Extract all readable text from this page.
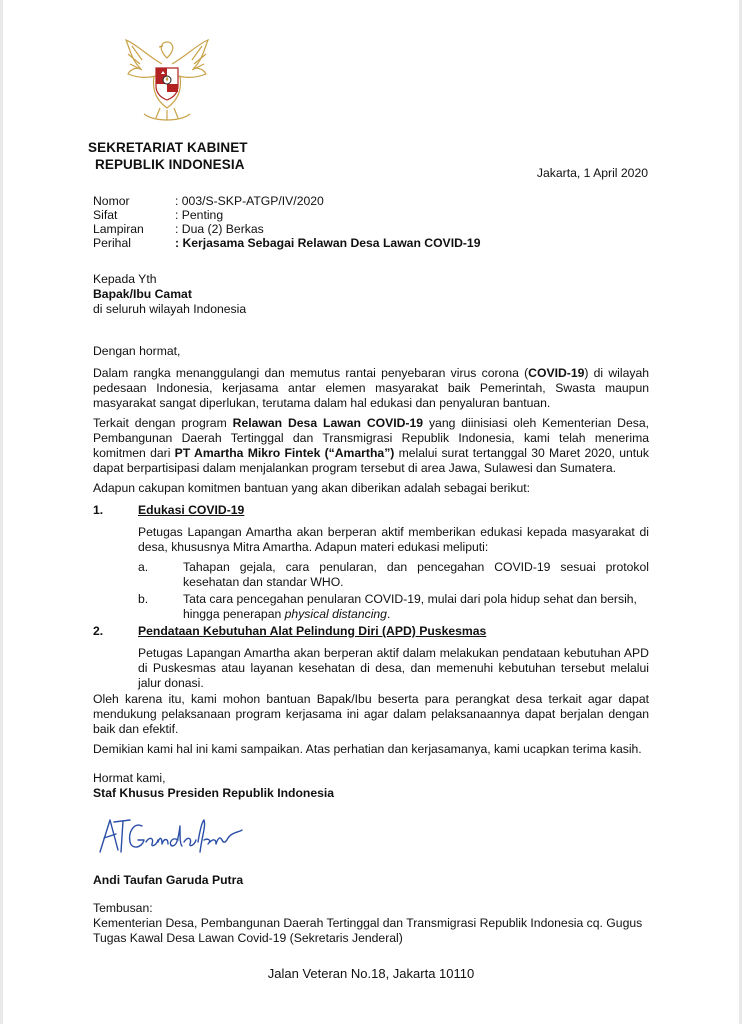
SEKRETARIAT KABINET
REPUBLIK INDONESIA
Jakarta, 1 April 2020
Nomor	: 003/S-SKP-ATGP/IV/2020
Sifat	: Penting
Lampiran	: Dua (2) Berkas
Perihal	: Kerjasama Sebagai Relawan Desa Lawan COVID-19
Kepada Yth
Bapak/Ibu Camat
di seluruh wilayah Indonesia
Dengan hormat,
Dalam rangka menanggulangi dan memutus rantai penyebaran virus corona (COVID-19) di wilayah pedesaan Indonesia, kerjasama antar elemen masyarakat baik Pemerintah, Swasta maupun masyarakat sangat diperlukan, terutama dalam hal edukasi dan penyaluran bantuan.
Terkait dengan program Relawan Desa Lawan COVID-19 yang diinisiasi oleh Kementerian Desa, Pembangunan Daerah Tertinggal dan Transmigrasi Republik Indonesia, kami telah menerima komitmen dari PT Amartha Mikro Fintek (“Amartha”) melalui surat tertanggal 30 Maret 2020, untuk dapat berpartisipasi dalam menjalankan program tersebut di area Jawa, Sulawesi dan Sumatera.
Adapun cakupan komitmen bantuan yang akan diberikan adalah sebagai berikut:
1.	Edukasi COVID-19
Petugas Lapangan Amartha akan berperan aktif memberikan edukasi kepada masyarakat di desa, khususnya Mitra Amartha. Adapun materi edukasi meliputi:
a.	Tahapan gejala, cara penularan, dan pencegahan COVID-19 sesuai protokol kesehatan dan standar WHO.
b.	Tata cara pencegahan penularan COVID-19, mulai dari pola hidup sehat dan bersih, hingga penerapan physical distancing.
2.	Pendataan Kebutuhan Alat Pelindung Diri (APD) Puskesmas
Petugas Lapangan Amartha akan berperan aktif dalam melakukan pendataan kebutuhan APD di Puskesmas atau layanan kesehatan di desa, dan memenuhi kebutuhan tersebut melalui jalur donasi.
Oleh karena itu, kami mohon bantuan Bapak/Ibu beserta para perangkat desa terkait agar dapat mendukung pelaksanaan program kerjasama ini agar dalam pelaksanaannya dapat berjalan dengan baik dan efektif.
Demikian kami hal ini kami sampaikan. Atas perhatian dan kerjasamanya, kami ucapkan terima kasih.
Hormat kami,
Staf Khusus Presiden Republik Indonesia
Andi Taufan Garuda Putra
Tembusan:
Kementerian Desa, Pembangunan Daerah Tertinggal dan Transmigrasi Republik Indonesia cq. Gugus Tugas Kawal Desa Lawan Covid-19 (Sekretaris Jenderal)
Jalan Veteran No.18, Jakarta 10110
